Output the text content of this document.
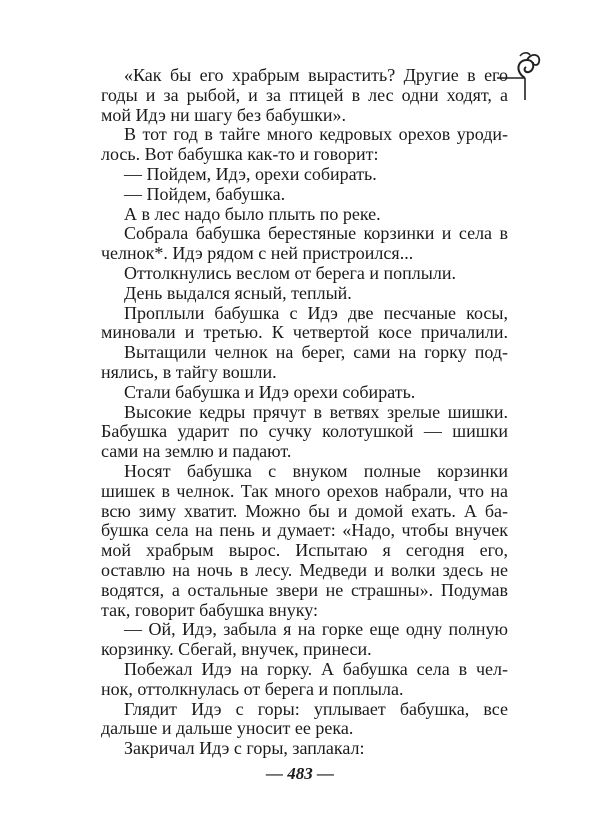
«Как бы его храбрым вырастить? Другие в его
годы и за рыбой, и за птицей в лес одни ходят, а
мой Идэ ни шагу без бабушки».
В тот год в тайге много кедровых орехов уроди-
лось. Вот бабушка как-то и говорит:
— Пойдем, Идэ, орехи собирать.
— Пойдем, бабушка.
А в лес надо было плыть по реке.
Собрала бабушка берестяные корзинки и села в
челнок*. Идэ рядом с ней пристроился...
Оттолкнулись веслом от берега и поплыли.
День выдался ясный, теплый.
Проплыли бабушка с Идэ две песчаные косы,
миновали и третью. К четвертой косе причалили.
Вытащили челнок на берег, сами на горку под-
нялись, в тайгу вошли.
Стали бабушка и Идэ орехи собирать.
Высокие кедры прячут в ветвях зрелые шишки.
Бабушка ударит по сучку колотушкой — шишки
сами на землю и падают.
Носят бабушка с внуком полные корзинки
шишек в челнок. Так много орехов набрали, что на
всю зиму хватит. Можно бы и домой ехать. А ба-
бушка села на пень и думает: «Надо, чтобы внучек
мой храбрым вырос. Испытаю я сегодня его,
оставлю на ночь в лесу. Медведи и волки здесь не
водятся, а остальные звери не страшны». Подумав
так, говорит бабушка внуку:
— Ой, Идэ, забыла я на горке еще одну полную
корзинку. Сбегай, внучек, принеси.
Побежал Идэ на горку. А бабушка села в чел-
нок, оттолкнулась от берега и поплыла.
Глядит Идэ с горы: уплывает бабушка, все
дальше и дальше уносит ее река.
Закричал Идэ с горы, заплакал:
— 483 —
